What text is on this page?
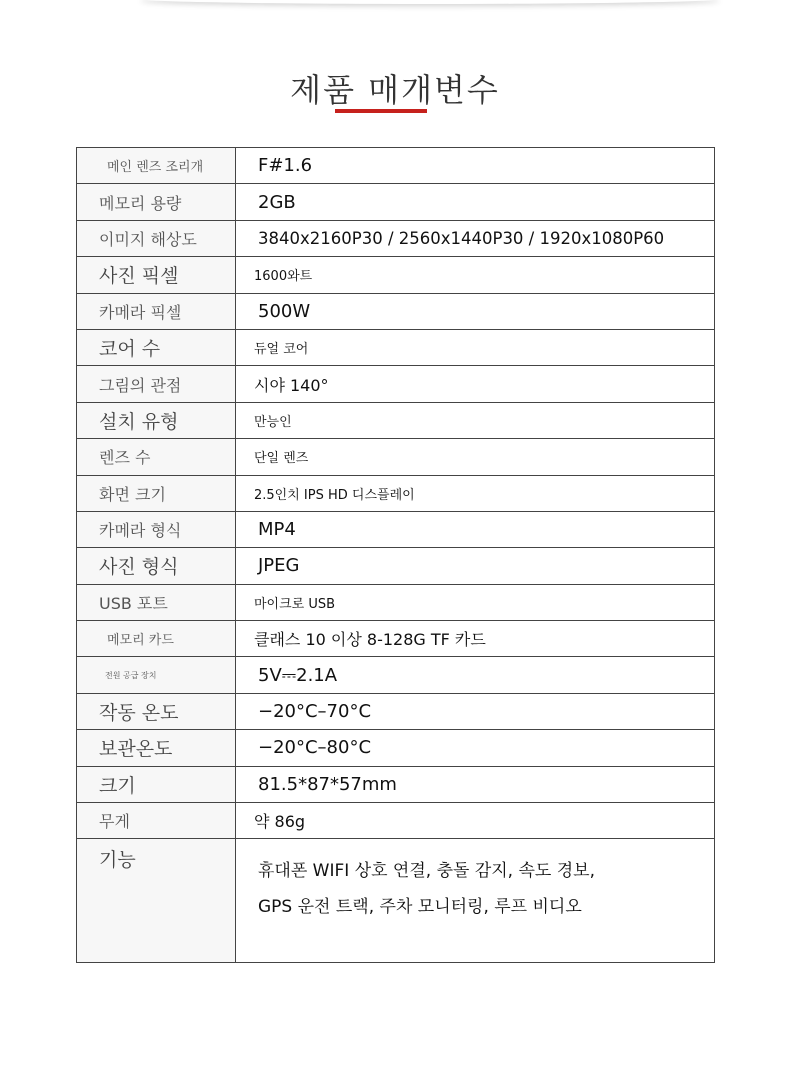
제품 매개변수
메인 렌즈 조리개	F#1.6
메모리 용량	2GB
이미지 해상도	3840x2160P30 / 2560x1440P30 / 1920x1080P60
사진 픽셀	1600와트
카메라 픽셀	500W
코어 수	듀얼 코어
그림의 관점	시야 140°
설치 유형	만능인
렌즈 수	단일 렌즈
화면 크기	2.5인치 IPS HD 디스플레이
카메라 형식	MP4
사진 형식	JPEG
USB 포트	마이크로 USB
메모리 카드	클래스 10 이상 8-128G TF 카드
전원 공급 장치	5V⎓2.1A
작동 온도	−20°C–70°C
보관온도	−20°C–80°C
크기	81.5*87*57mm
무게	약 86g
기능	휴대폰 WIFI 상호 연결, 충돌 감지, 속도 경보,
GPS 운전 트랙, 주차 모니터링, 루프 비디오
